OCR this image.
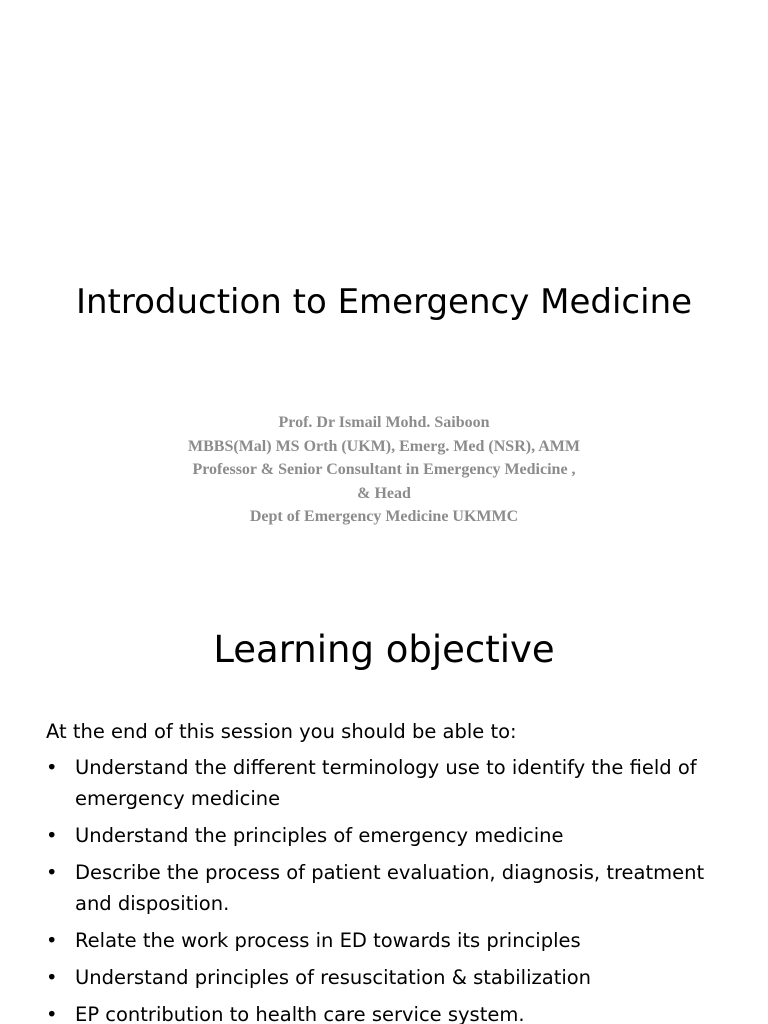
Introduction to Emergency Medicine
Prof. Dr Ismail Mohd. Saiboon
MBBS(Mal) MS Orth (UKM), Emerg. Med (NSR), AMM
Professor & Senior Consultant in Emergency Medicine ,
& Head
Dept of Emergency Medicine UKMMC
Learning objective
At the end of this session you should be able to:
• Understand the different terminology use to identify the field of emergency medicine
• Understand the principles of emergency medicine
• Describe the process of patient evaluation, diagnosis, treatment and disposition.
• Relate the work process in ED towards its principles
• Understand principles of resuscitation & stabilization
• EP contribution to health care service system.
